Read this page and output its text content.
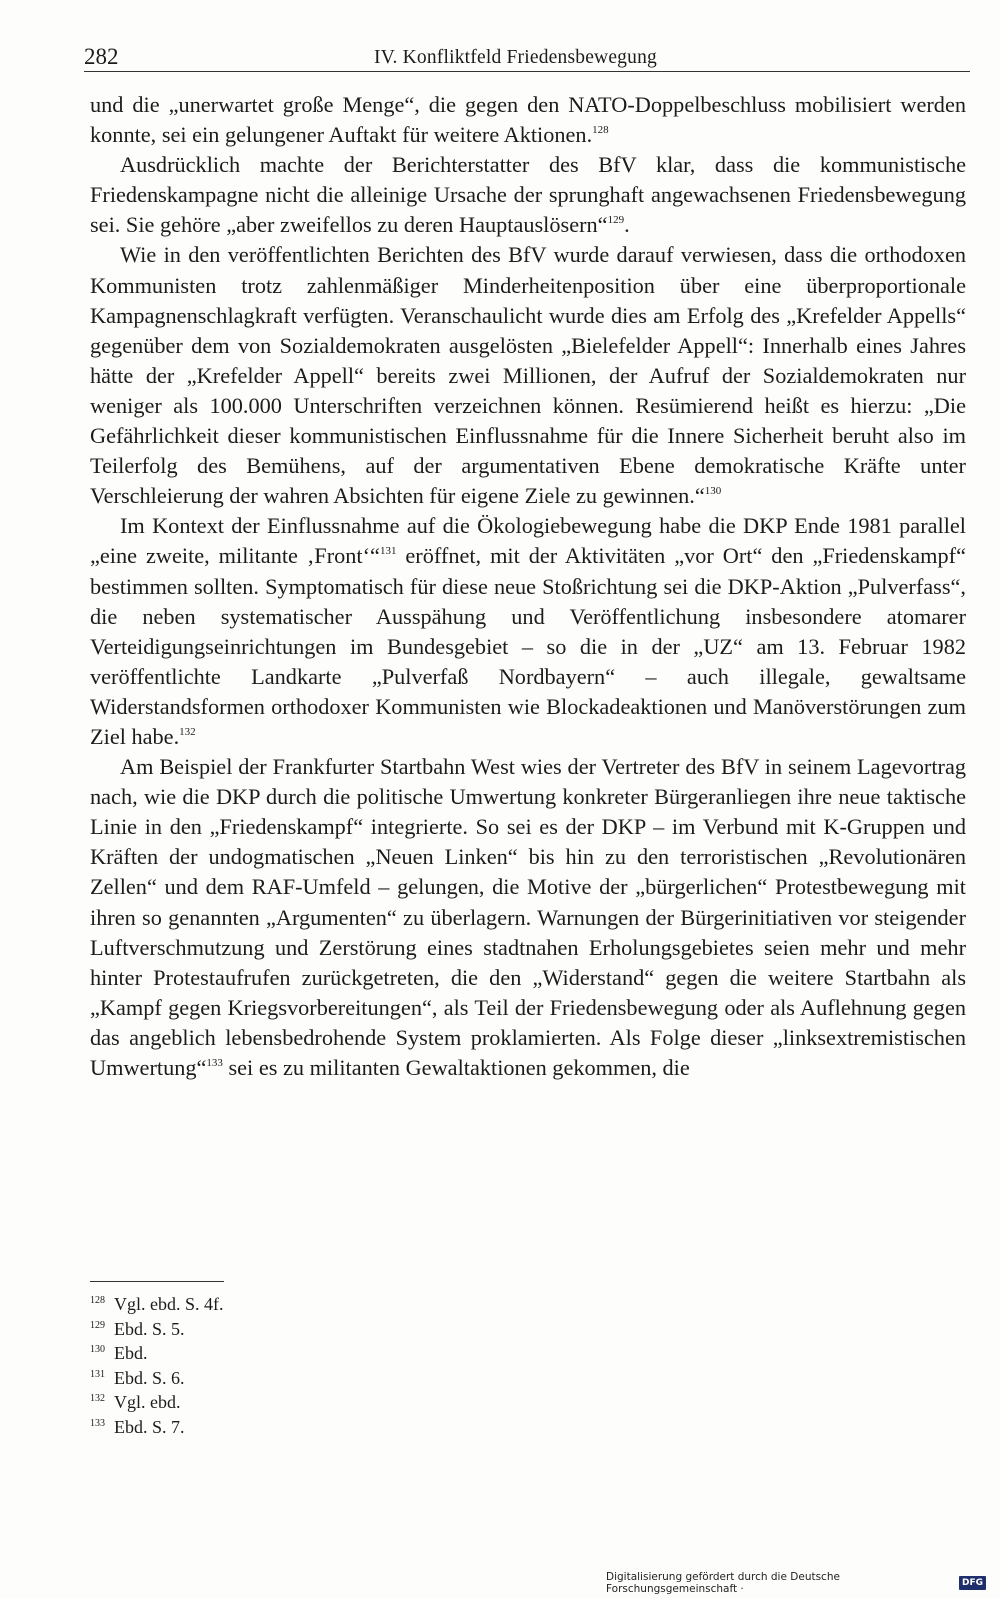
282	IV. Konfliktfeld Friedensbewegung

und die „unerwartet große Menge“, die gegen den NATO-Doppelbeschluss mobilisiert werden konnte, sei ein gelungener Auftakt für weitere Aktionen.$^{128}$

Ausdrücklich machte der Berichterstatter des BfV klar, dass die kommunistische Friedenskampagne nicht die alleinige Ursache der sprunghaft angewachsenen Friedensbewegung sei. Sie gehöre „aber zweifellos zu deren Hauptauslösern“$^{129}$.

Wie in den veröffentlichten Berichten des BfV wurde darauf verwiesen, dass die orthodoxen Kommunisten trotz zahlenmäßiger Minderheitenposition über eine überproportionale Kampagnenschlagkraft verfügten. Veranschaulicht wurde dies am Erfolg des „Krefelder Appells“ gegenüber dem von Sozialdemokraten ausgelösten „Bielefelder Appell“: Innerhalb eines Jahres hätte der „Krefelder Appell“ bereits zwei Millionen, der Aufruf der Sozialdemokraten nur weniger als 100.000 Unterschriften verzeichnen können. Resümierend heißt es hierzu: „Die Gefährlichkeit dieser kommunistischen Einflussnahme für die Innere Sicherheit beruht also im Teilerfolg des Bemühens, auf der argumentativen Ebene demokratische Kräfte unter Verschleierung der wahren Absichten für eigene Ziele zu gewinnen.“$^{130}$

Im Kontext der Einflussnahme auf die Ökologiebewegung habe die DKP Ende 1981 parallel „eine zweite, militante ‚Front‘“$^{131}$ eröffnet, mit der Aktivitäten „vor Ort“ den „Friedenskampf“ bestimmen sollten. Symptomatisch für diese neue Stoßrichtung sei die DKP-Aktion „Pulverfass“, die neben systematischer Ausspähung und Veröffentlichung insbesondere atomarer Verteidigungseinrichtungen im Bundesgebiet – so die in der „UZ“ am 13. Februar 1982 veröffentlichte Landkarte „Pulverfaß Nordbayern“ – auch illegale, gewaltsame Widerstandsformen orthodoxer Kommunisten wie Blockadeaktionen und Manöverstörungen zum Ziel habe.$^{132}$

Am Beispiel der Frankfurter Startbahn West wies der Vertreter des BfV in seinem Lagevortrag nach, wie die DKP durch die politische Umwertung konkreter Bürgeranliegen ihre neue taktische Linie in den „Friedenskampf“ integrierte. So sei es der DKP – im Verbund mit K-Gruppen und Kräften der undogmatischen „Neuen Linken“ bis hin zu den terroristischen „Revolutionären Zellen“ und dem RAF-Umfeld – gelungen, die Motive der „bürgerlichen“ Protestbewegung mit ihren so genannten „Argumenten“ zu überlagern. Warnungen der Bürgerinitiativen vor steigender Luftverschmutzung und Zerstörung eines stadtnahen Erholungsgebietes seien mehr und mehr hinter Protestaufrufen zurückgetreten, die den „Widerstand“ gegen die weitere Startbahn als „Kampf gegen Kriegsvorbereitungen“, als Teil der Friedensbewegung oder als Auflehnung gegen das angeblich lebensbedrohende System proklamierten. Als Folge dieser „linksextremistischen Umwertung“$^{133}$ sei es zu militanten Gewaltaktionen gekommen, die

$^{128}$ Vgl. ebd. S. 4f.
$^{129}$ Ebd. S. 5.
$^{130}$ Ebd.
$^{131}$ Ebd. S. 6.
$^{132}$ Vgl. ebd.
$^{133}$ Ebd. S. 7.
Digitalisierung gefördert durch die Deutsche Forschungsgemeinschaft ·	DFG
